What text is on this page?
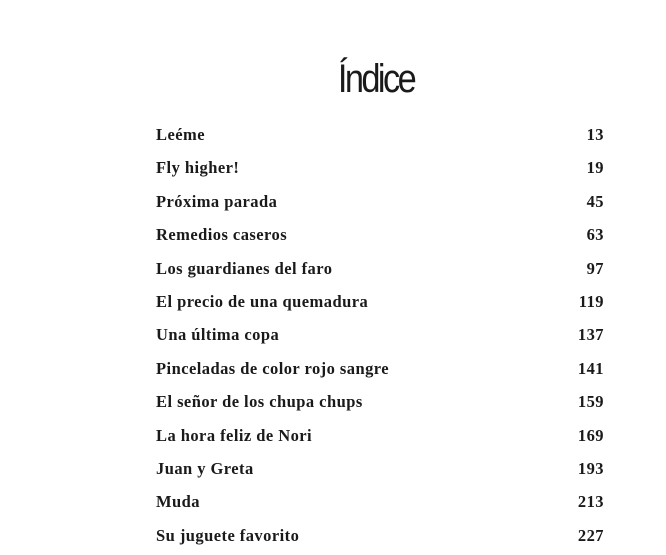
Índice
Leéme	13
Fly higher!	19
Próxima parada	45
Remedios caseros	63
Los guardianes del faro	97
El precio de una quemadura	119
Una última copa	137
Pinceladas de color rojo sangre	141
El señor de los chupa chups	159
La hora feliz de Nori	169
Juan y Greta	193
Muda	213
Su juguete favorito	227
